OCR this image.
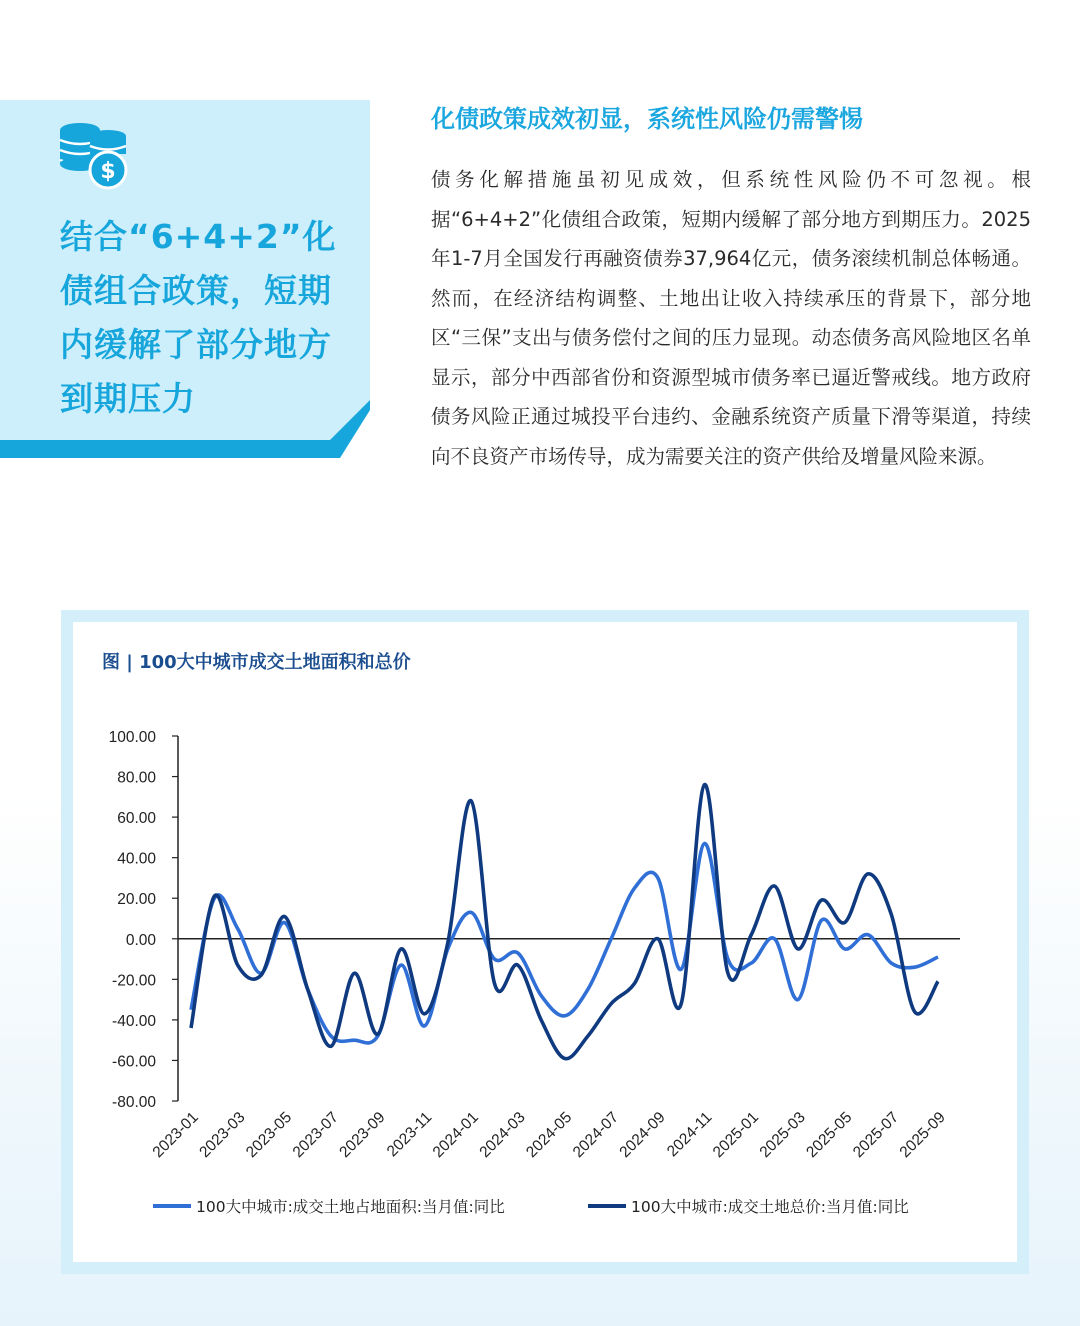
$
结合“6+4+2”化债组合政策，短期内缓解了部分地方到期压力
化债政策成效初显，系统性风险仍需警惕
债务化解措施虽初见成效，但系统性风险仍不可忽视。根据“6+4+2”化债组合政策，短期内缓解了部分地方到期压力。2025年1-7月全国发行再融资债券37,964亿元，债务滚续机制总体畅通。然而，在经济结构调整、土地出让收入持续承压的背景下，部分地区“三保”支出与债务偿付之间的压力显现。动态债务高风险地区名单显示，部分中西部省份和资源型城市债务率已逼近警戒线。地方政府债务风险正通过城投平台违约、金融系统资产质量下滑等渠道，持续向不良资产市场传导，成为需要关注的资产供给及增量风险来源。
图 | 100大中城市成交土地面积和总价
100.00
80.00
60.00
40.00
20.00
0.00
-20.00
-40.00
-60.00
-80.00
2023-01
2023-03
2023-05
2023-07
2023-09
2023-11
2024-01
2024-03
2024-05
2024-07
2024-09
2024-11
2025-01
2025-03
2025-05
2025-07
2025-09
100大中城市:成交土地占地面积:当月值:同比	100大中城市:成交土地总价:当月值:同比
